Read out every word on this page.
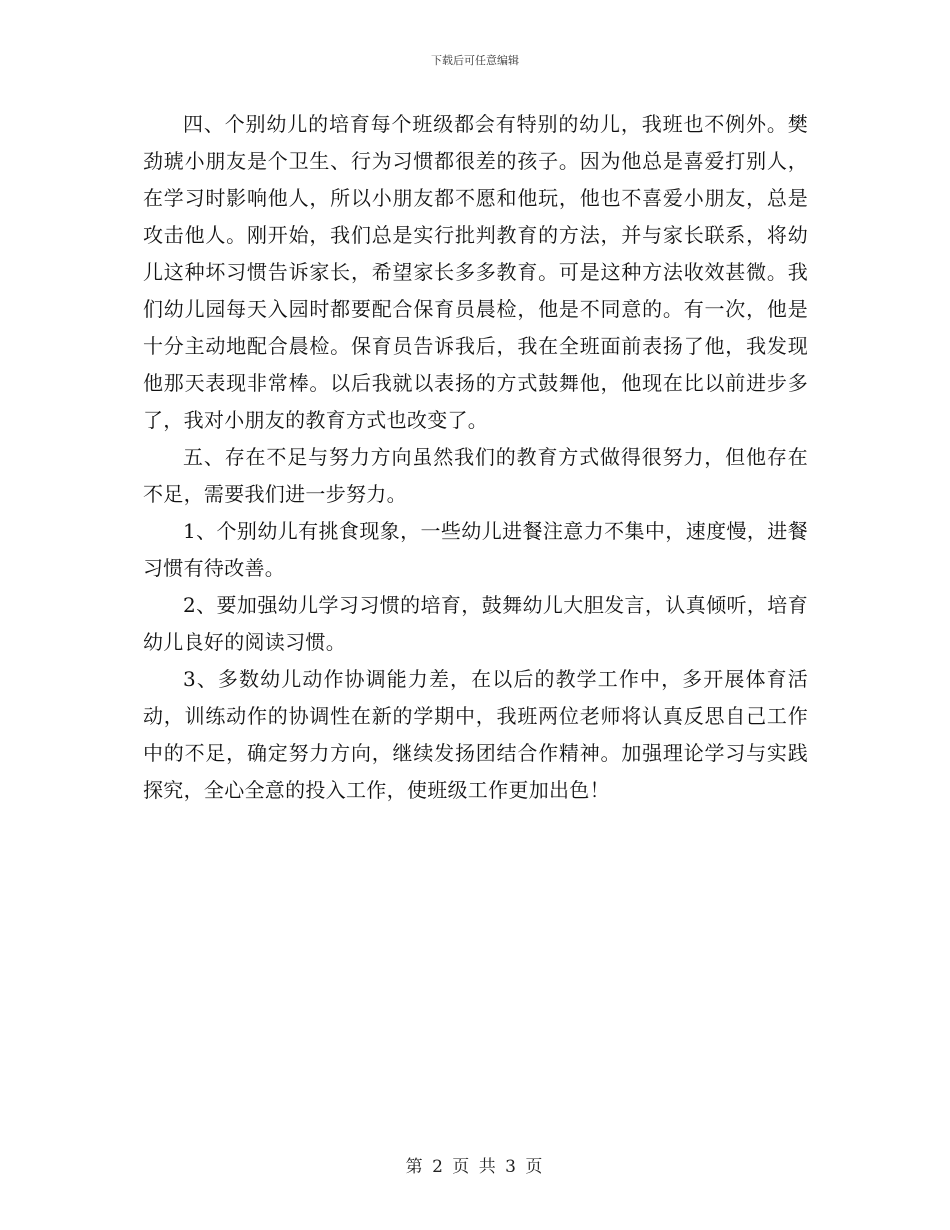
下载后可任意编辑

四、个别幼儿的培育每个班级都会有特别的幼儿，我班也不例外。樊劲琥小朋友是个卫生、行为习惯都很差的孩子。因为他总是喜爱打别人，在学习时影响他人，所以小朋友都不愿和他玩，他也不喜爱小朋友，总是攻击他人。刚开始，我们总是实行批判教育的方法，并与家长联系，将幼儿这种坏习惯告诉家长，希望家长多多教育。可是这种方法收效甚微。我们幼儿园每天入园时都要配合保育员晨检，他是不同意的。有一次，他是十分主动地配合晨检。保育员告诉我后，我在全班面前表扬了他，我发现他那天表现非常棒。以后我就以表扬的方式鼓舞他，他现在比以前进步多了，我对小朋友的教育方式也改变了。

五、存在不足与努力方向虽然我们的教育方式做得很努力，但他存在不足，需要我们进一步努力。

1、个别幼儿有挑食现象，一些幼儿进餐注意力不集中，速度慢，进餐习惯有待改善。

2、要加强幼儿学习习惯的培育，鼓舞幼儿大胆发言，认真倾听，培育幼儿良好的阅读习惯。

3、多数幼儿动作协调能力差，在以后的教学工作中，多开展体育活动，训练动作的协调性在新的学期中，我班两位老师将认真反思自己工作中的不足，确定努力方向，继续发扬团结合作精神。加强理论学习与实践探究，全心全意的投入工作，使班级工作更加出色！

第 2 页 共 3 页
